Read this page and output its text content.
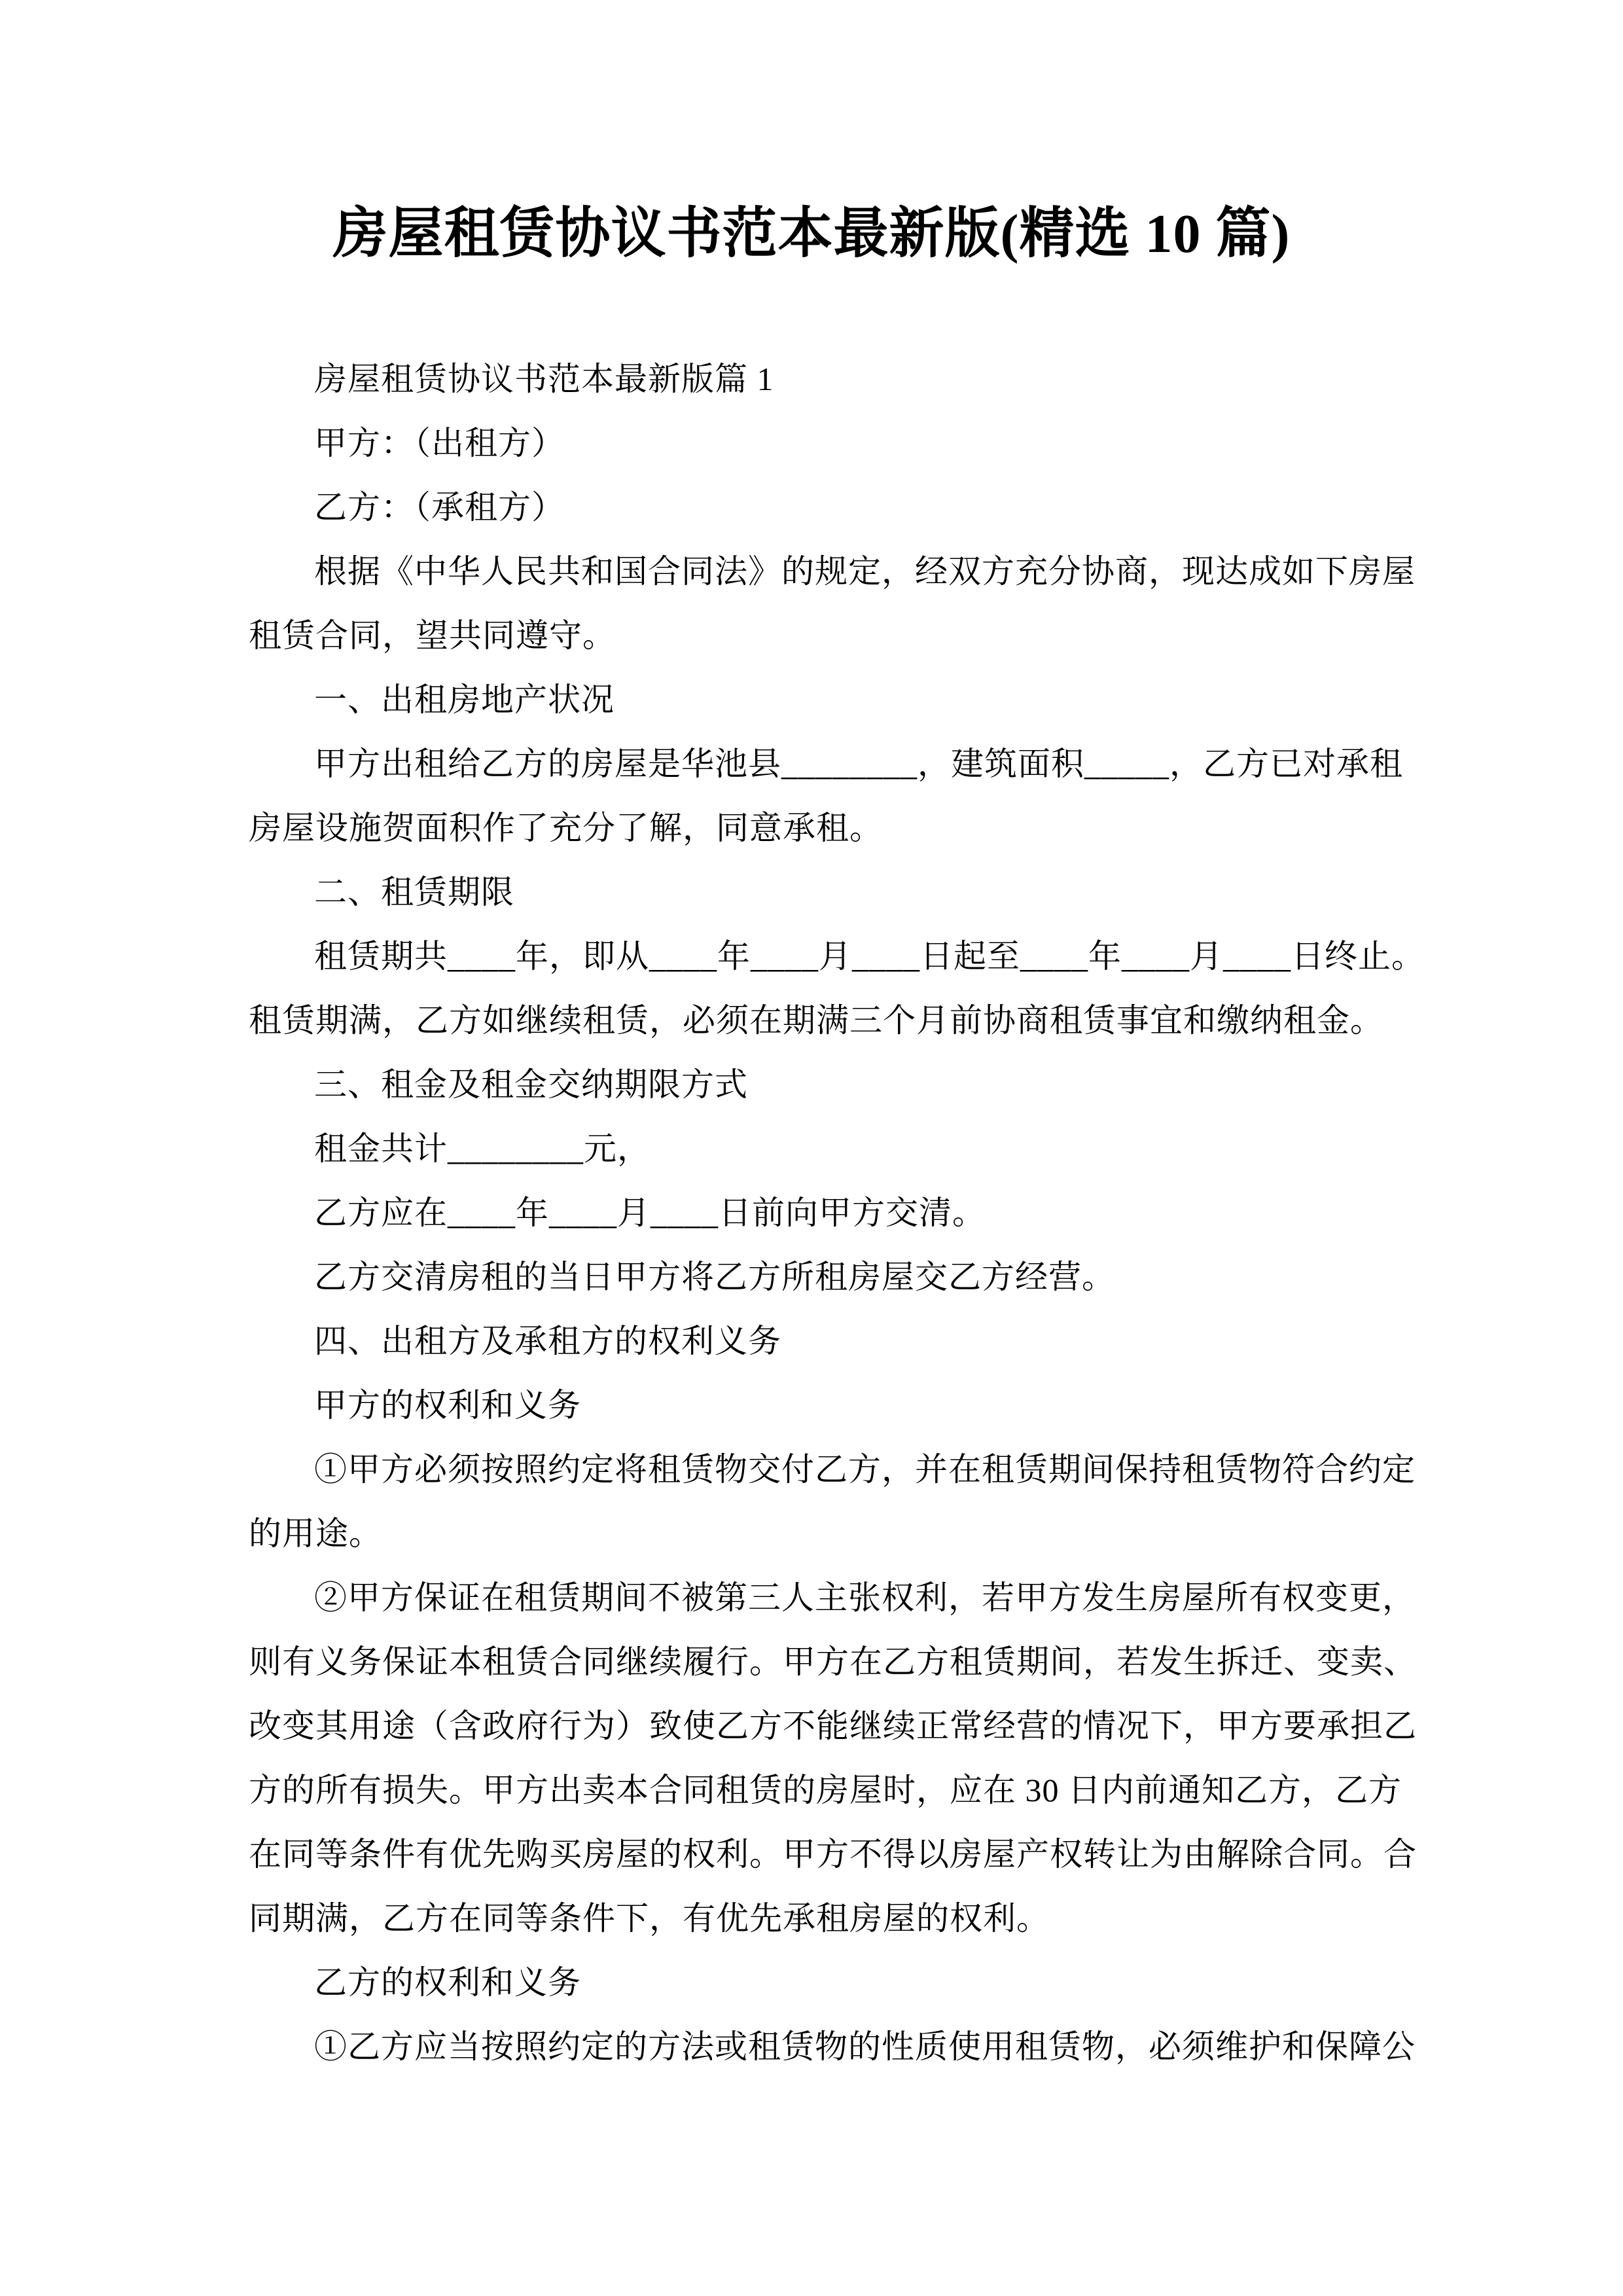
房屋租赁协议书范本最新版(精选 10 篇)
房屋租赁协议书范本最新版篇 1
甲方：（出租方）
乙方：（承租方）
根据《中华人民共和国合同法》的规定，经双方充分协商，现达成如下房屋
租赁合同，望共同遵守。
一、出租房地产状况
甲方出租给乙方的房屋是华池县________，建筑面积_____，乙方已对承租
房屋设施贺面积作了充分了解，同意承租。
二、租赁期限
租赁期共____年，即从____年____月____日起至____年____月____日终止。
租赁期满，乙方如继续租赁，必须在期满三个月前协商租赁事宜和缴纳租金。
三、租金及租金交纳期限方式
租金共计________元，
乙方应在____年____月____日前向甲方交清。
乙方交清房租的当日甲方将乙方所租房屋交乙方经营。
四、出租方及承租方的权利义务
甲方的权利和义务
①甲方必须按照约定将租赁物交付乙方，并在租赁期间保持租赁物符合约定
的用途。
②甲方保证在租赁期间不被第三人主张权利，若甲方发生房屋所有权变更，
则有义务保证本租赁合同继续履行。甲方在乙方租赁期间，若发生拆迁、变卖、
改变其用途（含政府行为）致使乙方不能继续正常经营的情况下，甲方要承担乙
方的所有损失。甲方出卖本合同租赁的房屋时，应在 30 日内前通知乙方，乙方
在同等条件有优先购买房屋的权利。甲方不得以房屋产权转让为由解除合同。合
同期满，乙方在同等条件下，有优先承租房屋的权利。
乙方的权利和义务
①乙方应当按照约定的方法或租赁物的性质使用租赁物，必须维护和保障公
